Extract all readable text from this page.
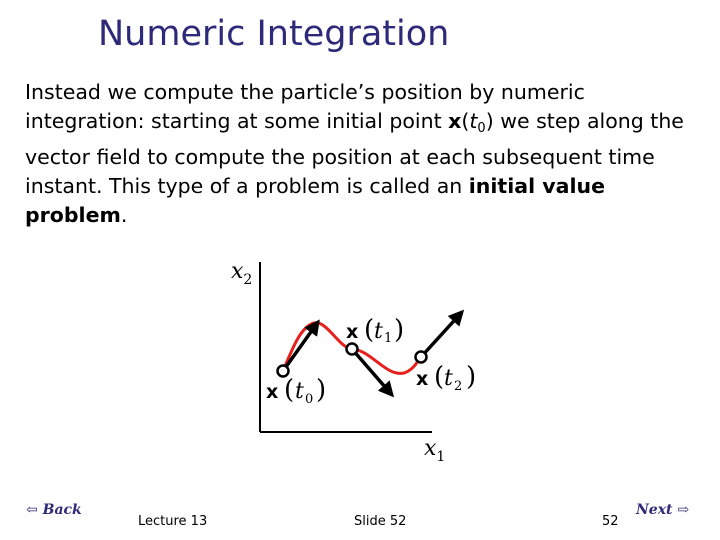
Numeric Integration
Instead we compute the particle’s position by numeric integration: starting at some initial point $x(t_0)$ we step along the vector field to compute the position at each subsequent time instant. This type of a problem is called an initial value problem.
$x_2$
$x_1$
x ( t 0 )
x ( t 1 )
x ( t 2 )
⇦ Back	Next ⇨
Lecture 13	Slide 52	52
